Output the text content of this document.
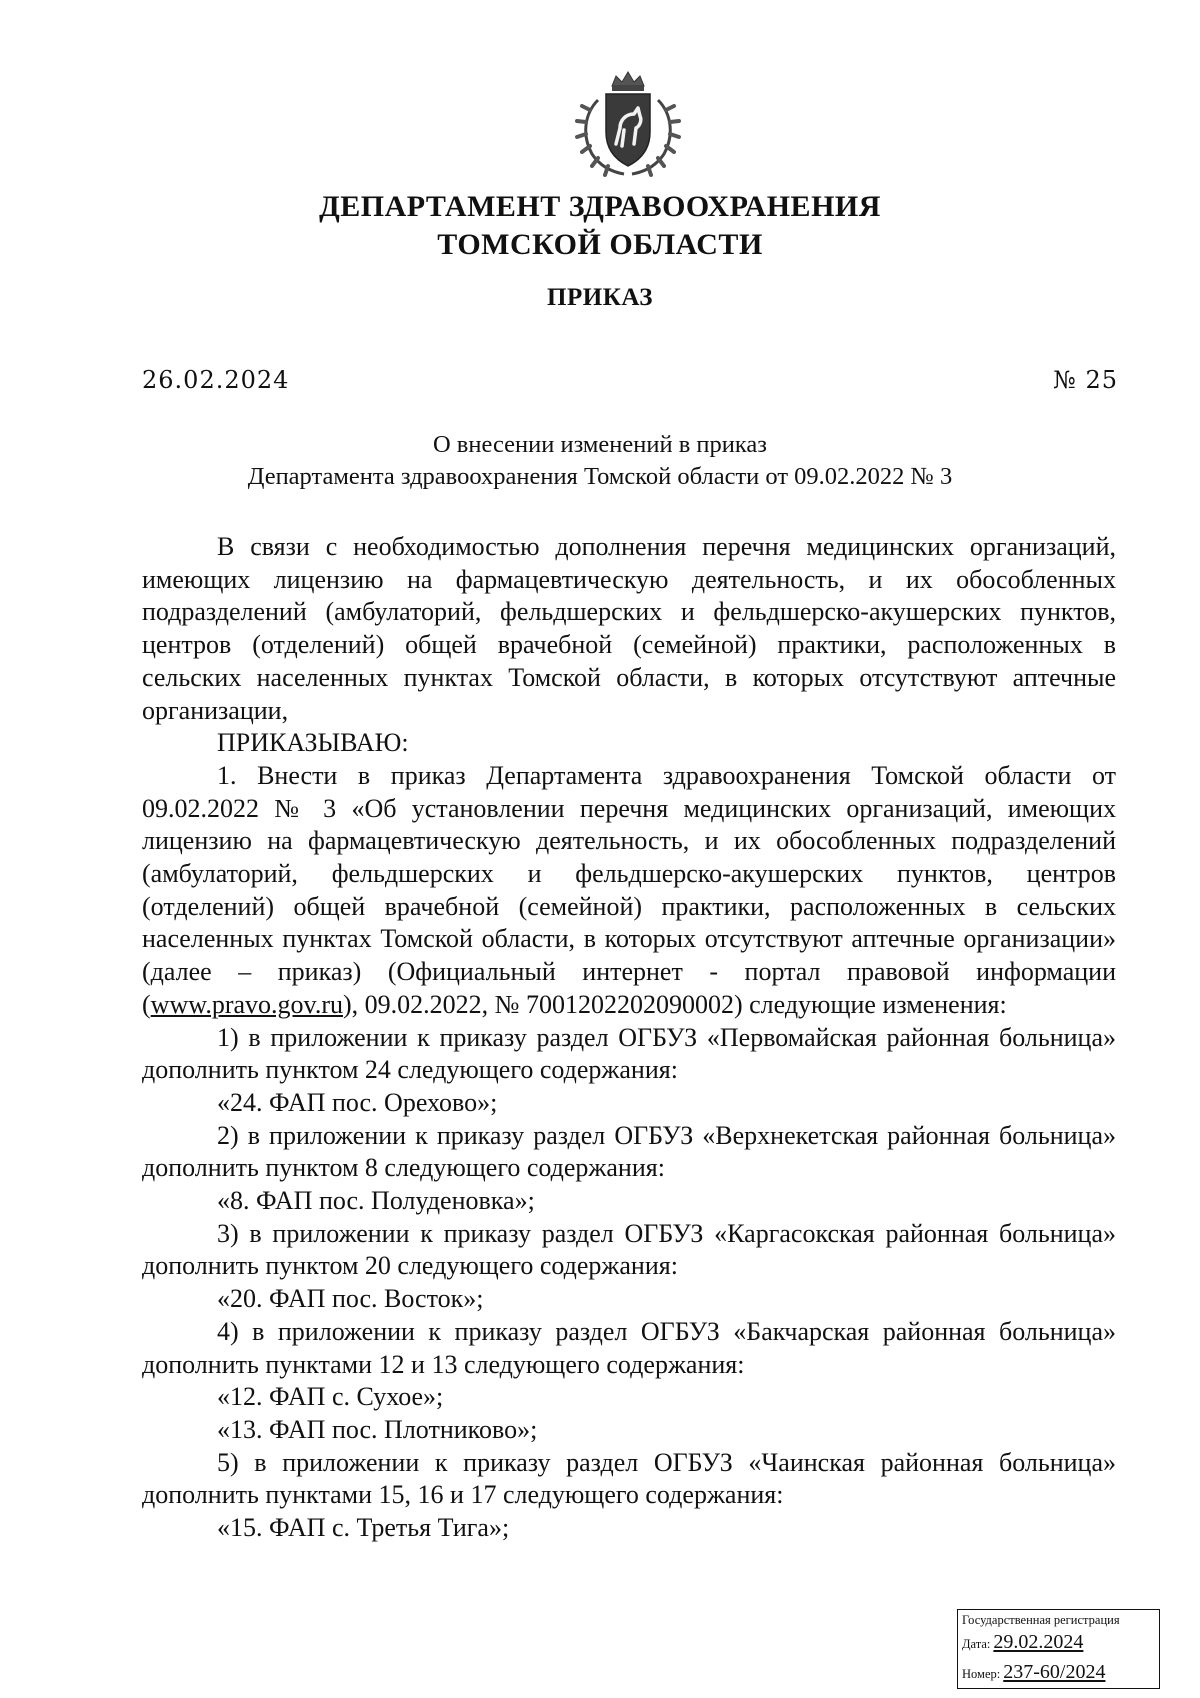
ДЕПАРТАМЕНТ ЗДРАВООХРАНЕНИЯ
ТОМСКОЙ ОБЛАСТИ
ПРИКАЗ
26.02.2024	№ 25
О внесении изменений в приказ
Департамента здравоохранения Томской области от 09.02.2022 № 3

В связи с необходимостью дополнения перечня медицинских организаций, имеющих лицензию на фармацевтическую деятельность, и их обособленных подразделений (амбулаторий, фельдшерских и фельдшерско-акушерских пунктов, центров (отделений) общей врачебной (семейной) практики, расположенных в сельских населенных пунктах Томской области, в которых отсутствуют аптечные организации,

ПРИКАЗЫВАЮ:

1. Внести в приказ Департамента здравоохранения Томской области от 09.02.2022 № 3 «Об установлении перечня медицинских организаций, имеющих лицензию на фармацевтическую деятельность, и их обособленных подразделений (амбулаторий, фельдшерских и фельдшерско-акушерских пунктов, центров (отделений) общей врачебной (семейной) практики, расположенных в сельских населенных пунктах Томской области, в которых отсутствуют аптечные организации» (далее – приказ) (Официальный интернет - портал правовой информации (www.pravo.gov.ru), 09.02.2022, № 7001202202090002) следующие изменения:

1) в приложении к приказу раздел ОГБУЗ «Первомайская районная больница» дополнить пунктом 24 следующего содержания:

«24. ФАП пос. Орехово»;

2) в приложении к приказу раздел ОГБУЗ «Верхнекетская районная больница» дополнить пунктом 8 следующего содержания:

«8. ФАП пос. Полуденовка»;

3) в приложении к приказу раздел ОГБУЗ «Каргасокская районная больница» дополнить пунктом 20 следующего содержания:

«20. ФАП пос. Восток»;

4) в приложении к приказу раздел ОГБУЗ «Бакчарская районная больница» дополнить пунктами 12 и 13 следующего содержания:

«12. ФАП с. Сухое»;

«13. ФАП пос. Плотниково»;

5) в приложении к приказу раздел ОГБУЗ «Чаинская районная больница» дополнить пунктами 15, 16 и 17 следующего содержания:

«15. ФАП с. Третья Тига»;

Государственная регистрация
Дата: 29.02.2024
Номер: 237-60/2024
